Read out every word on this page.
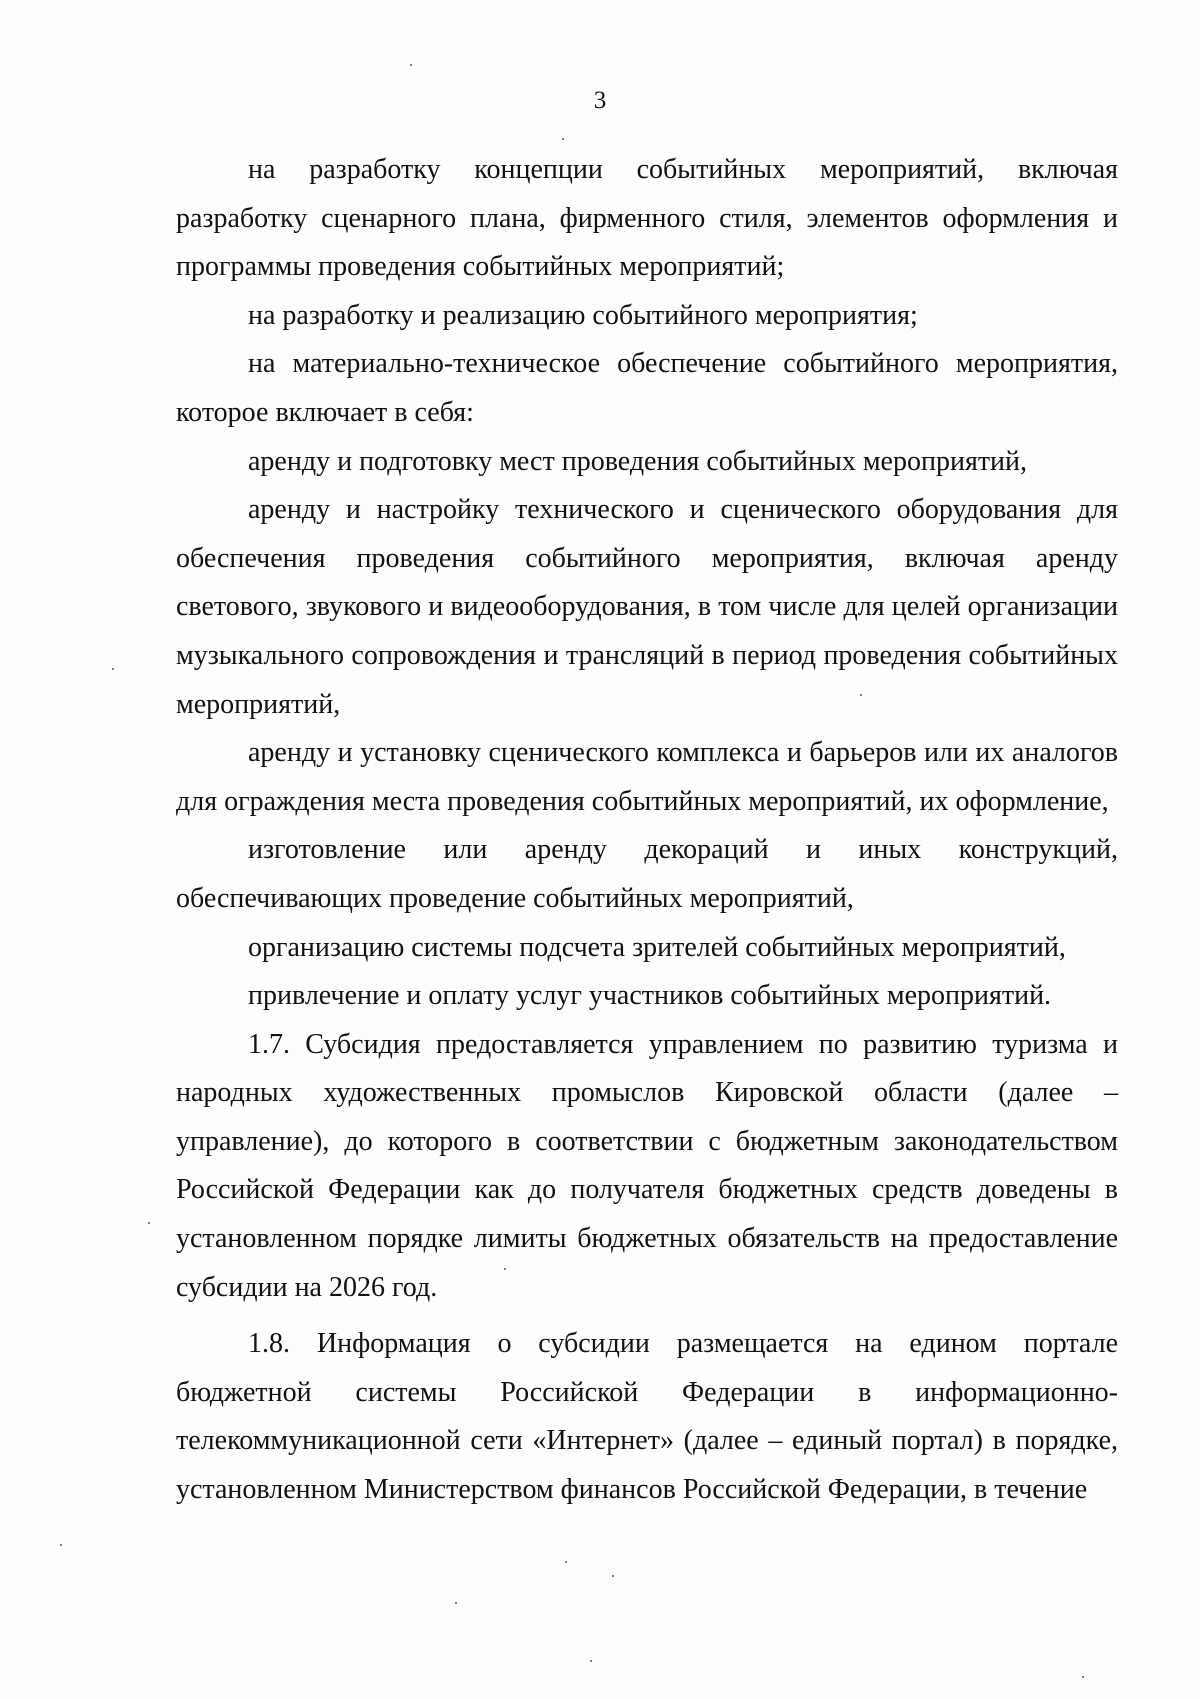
3

на разработку концепции событийных мероприятий, включая разработку сценарного плана, фирменного стиля, элементов оформления и программы проведения событийных мероприятий;

на разработку и реализацию событийного мероприятия;

на материально-техническое обеспечение событийного мероприятия, которое включает в себя:

аренду и подготовку мест проведения событийных мероприятий,

аренду и настройку технического и сценического оборудования для обеспечения проведения событийного мероприятия, включая аренду светового, звукового и видеооборудования, в том числе для целей организации музыкального сопровождения и трансляций в период проведения событийных мероприятий,

аренду и установку сценического комплекса и барьеров или их аналогов для ограждения места проведения событийных мероприятий, их оформление,

изготовление или аренду декораций и иных конструкций, обеспечивающих проведение событийных мероприятий,

организацию системы подсчета зрителей событийных мероприятий,

привлечение и оплату услуг участников событийных мероприятий.

1.7. Субсидия предоставляется управлением по развитию туризма и народных художественных промыслов Кировской области (далее – управление), до которого в соответствии с бюджетным законодательством Российской Федерации как до получателя бюджетных средств доведены в установленном порядке лимиты бюджетных обязательств на предоставление субсидии на 2026 год.

1.8. Информация о субсидии размещается на едином портале бюджетной системы Российской Федерации в информационно-телекоммуникационной сети «Интернет» (далее – единый портал) в порядке, установленном Министерством финансов Российской Федерации, в течение
